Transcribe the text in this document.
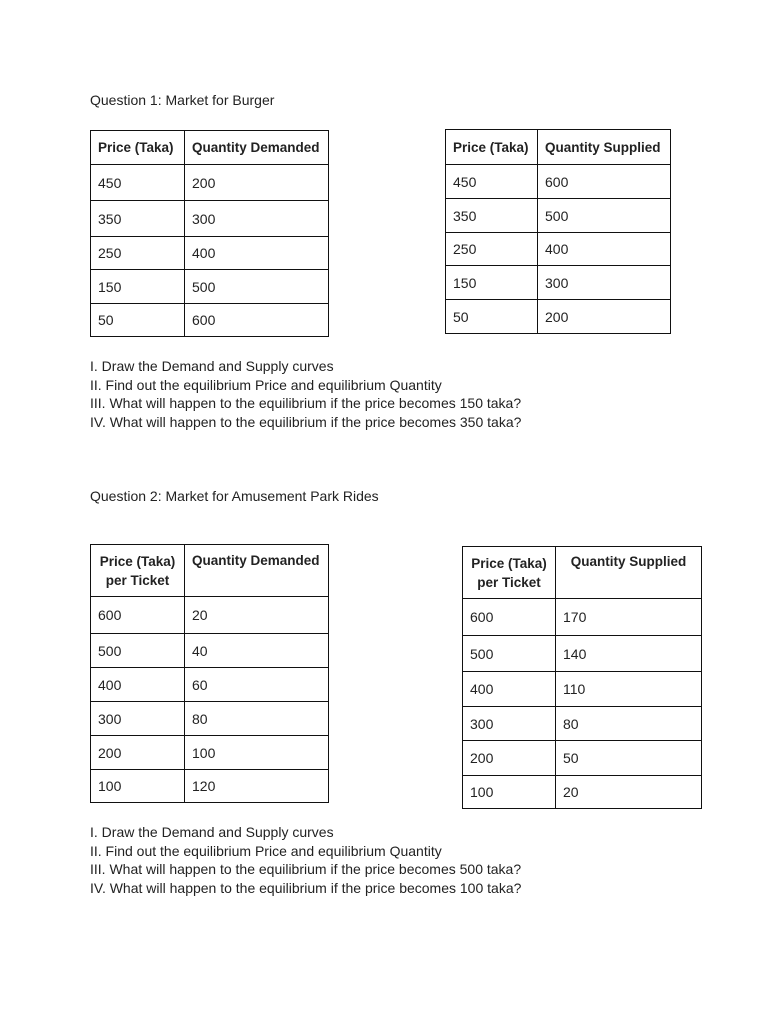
Question 1: Market for Burger
Price (Taka)	Quantity Demanded
450	200
350	300
250	400
150	500
50	600
Price (Taka)	Quantity Supplied
450	600
350	500
250	400
150	300
50	200
I. Draw the Demand and Supply curves
II. Find out the equilibrium Price and equilibrium Quantity
III. What will happen to the equilibrium if the price becomes 150 taka?
IV. What will happen to the equilibrium if the price becomes 350 taka?
Question 2: Market for Amusement Park Rides
Price (Taka)
per Ticket	Quantity Demanded
600	20
500	40
400	60
300	80
200	100
100	120
Price (Taka)
per Ticket	Quantity Supplied
600	170
500	140
400	110
300	80
200	50
100	20
I. Draw the Demand and Supply curves
II. Find out the equilibrium Price and equilibrium Quantity
III. What will happen to the equilibrium if the price becomes 500 taka?
IV. What will happen to the equilibrium if the price becomes 100 taka?
